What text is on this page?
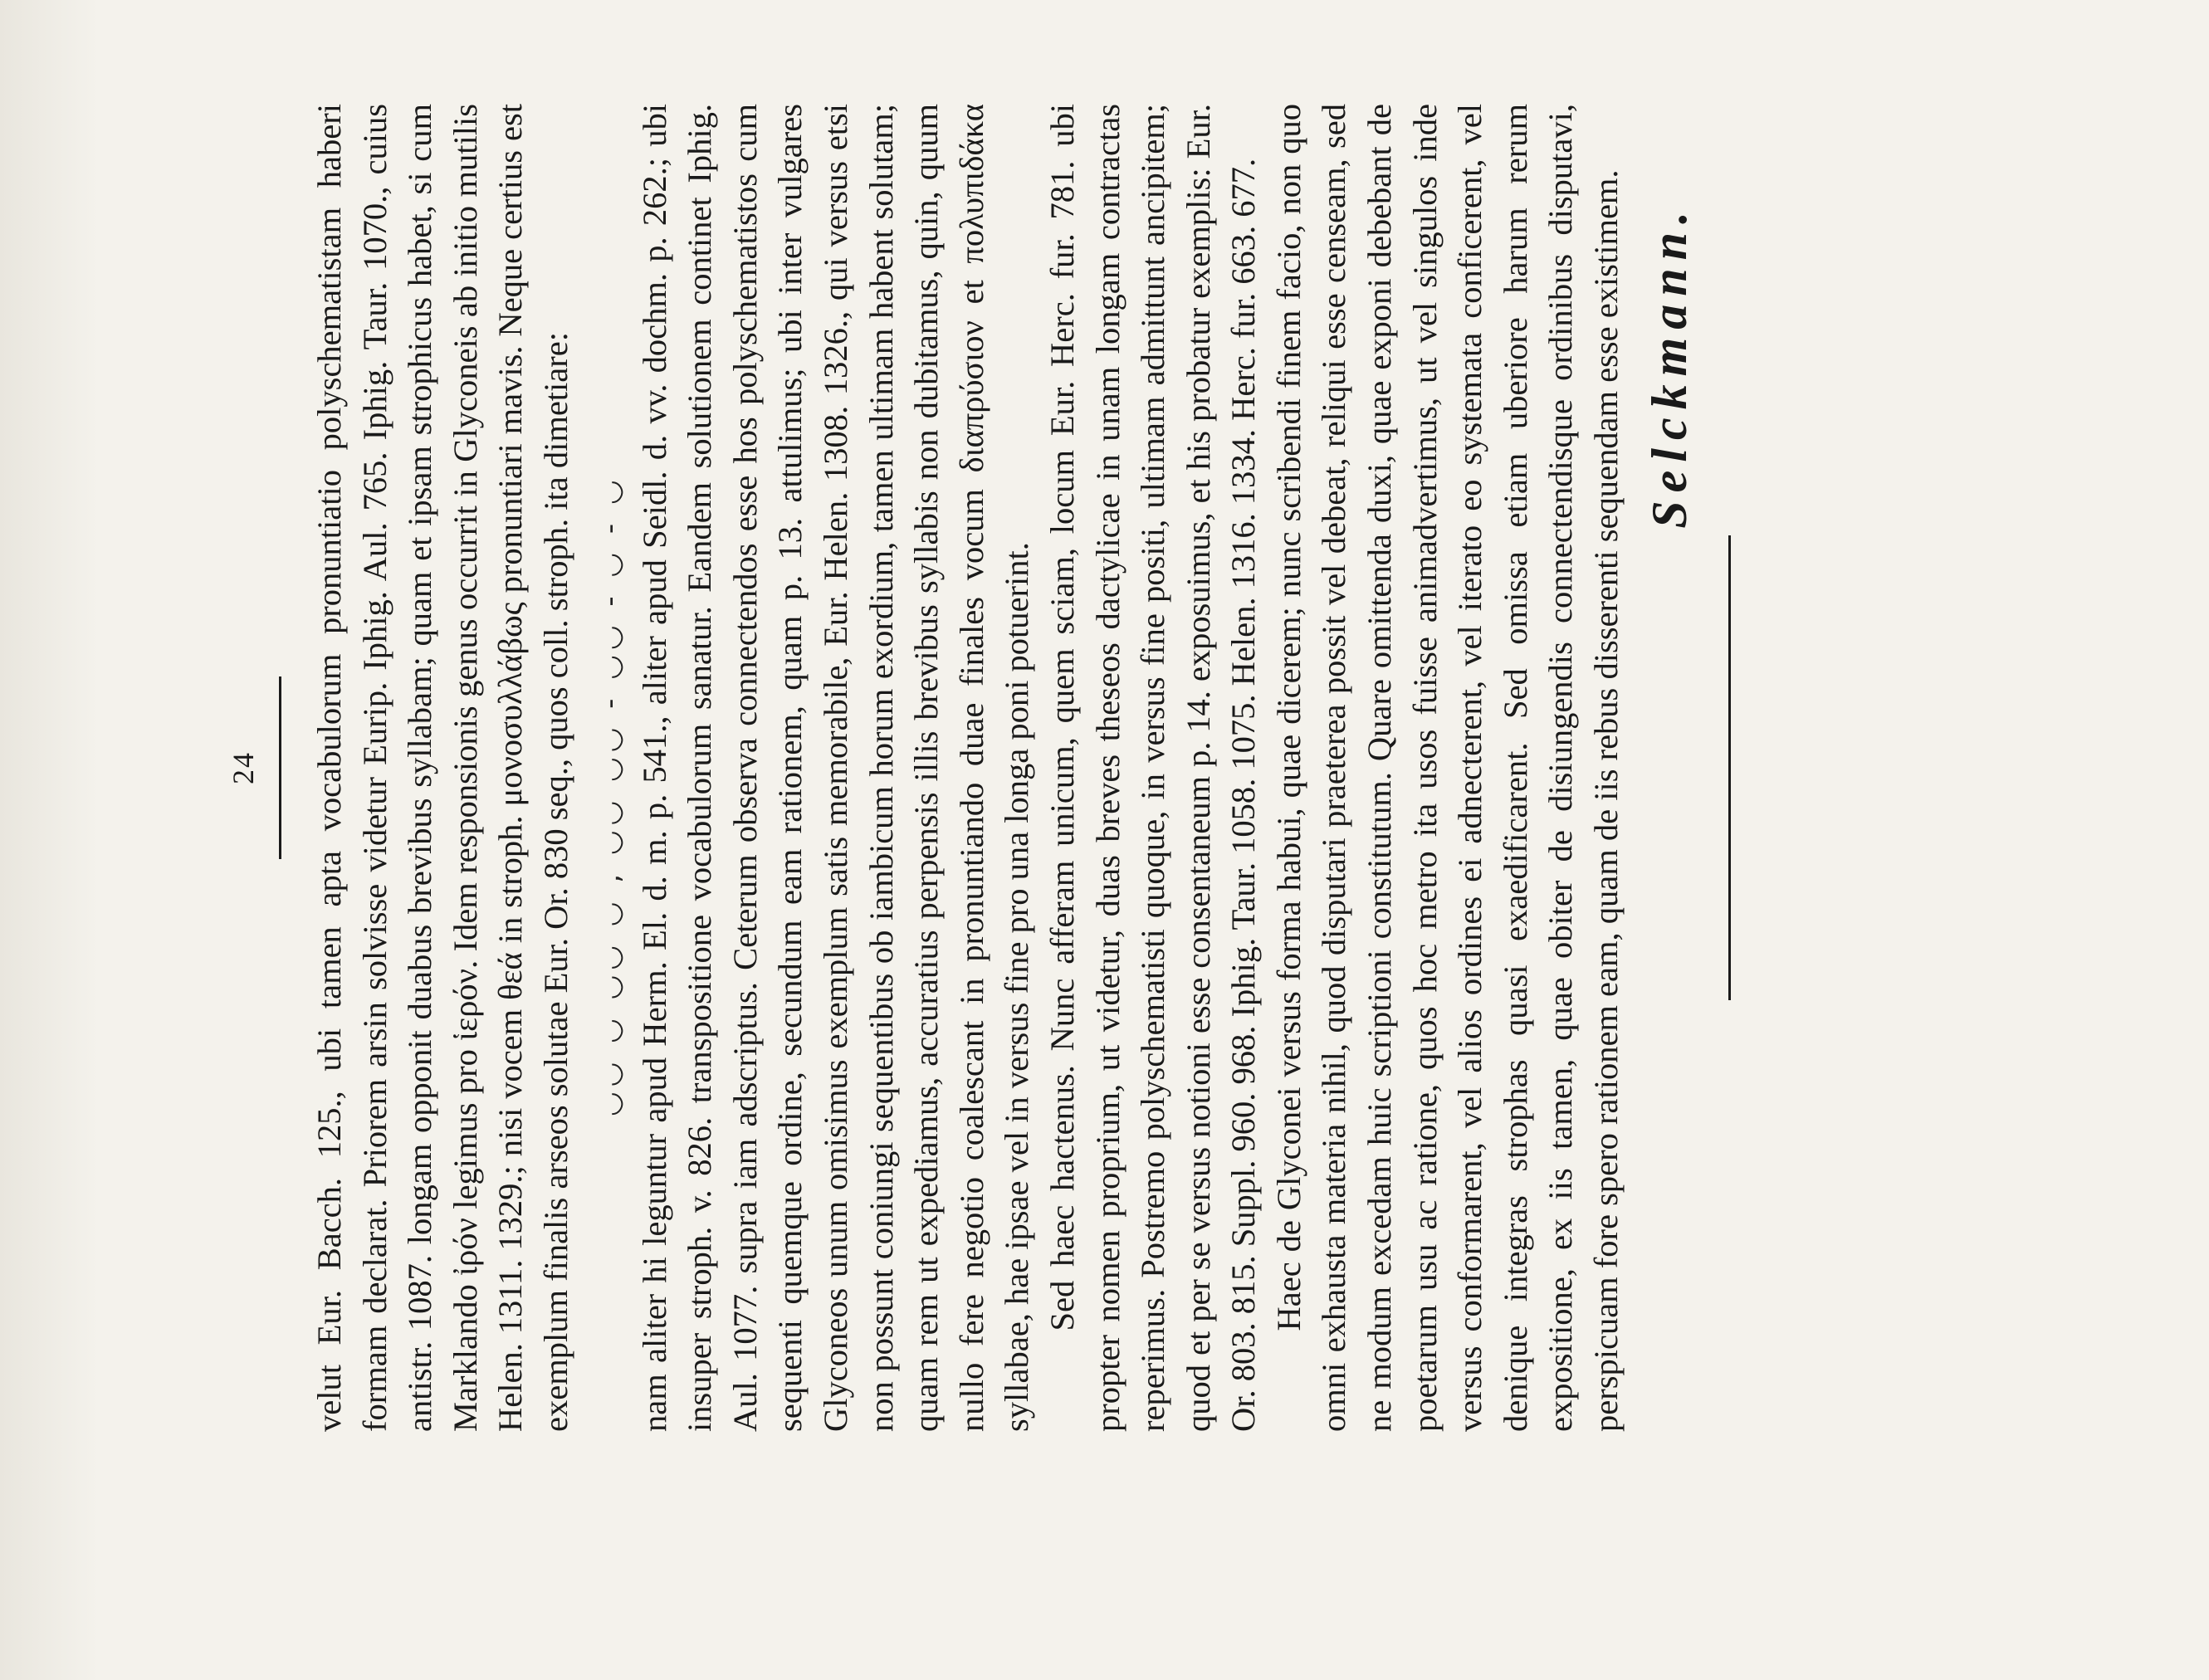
24 velut Eur. Bacch. 125., ubi tamen apta vocabulorum pronuntiatio polyschematistam haberi formam declarat. Priorem arsin solvisse videtur Eurip. Iphig. Aul. 765. Iphig. Taur. 1070., cuius antistr. 1087. longam opponit duabus brevibus syllabam; quam et ipsam strophicus habet, si cum Marklando ἰρόν legimus pro ἱερόν. Idem responsionis genus occurrit in Glyconeis ab initio mutilis Helen. 1311. 1329.; nisi vocem θεά in stroph. μονοσυλλάβως pronuntiari mavis. Neque certius est exemplum finalis arseos solutae Eur. Or. 830 seq., quos coll. stroph. ita dimetiare: ◡◡ ◡ ◡◡ ◡ , ◡◡ ◡◡ - ◡◡ - ◡ - ◡ nam aliter hi leguntur apud Herm. El. d. m. p. 541., aliter apud Seidl. d. vv. dochm. p. 262.; ubi insuper stroph. v. 826. transpositione vocabulorum sanatur. Eandem solutionem continet Iphig. Aul. 1077. supra iam adscriptus. Ceterum observa connectendos esse hos polyschematistos cum sequenti quemque ordine, secundum eam rationem, quam p. 13. attulimus; ubi inter vulgares Glyconeos unum omisimus exemplum satis memorabile, Eur. Helen. 1308. 1326., qui versus etsi non possunt coniungi sequentibus ob iambicum horum exordium, tamen ultimam habent solutam; quam rem ut expediamus, accuratius perpensis illis brevibus syllabis non dubitamus, quin, quum nullo fere negotio coalescant in pronuntiando duae finales vocum διαπρύσιον et πολυπιδάκα syllabae, hae ipsae vel in versus fine pro una longa poni potuerint. Sed haec hactenus. Nunc afferam unicum, quem sciam, locum Eur. Herc. fur. 781. ubi propter nomen proprium, ut videtur, duas breves theseos dactylicae in unam longam contractas reperimus. Postremo polyschematisti quoque, in versus fine positi, ultimam admittunt ancipitem; quod et per se versus notioni esse consentaneum p. 14. exposuimus, et his probatur exemplis: Eur. Or. 803. 815. Suppl. 960. 968. Iphig. Taur. 1058. 1075. Helen. 1316. 1334. Herc. fur. 663. 677. Haec de Glyconei versus forma habui, quae dicerem; nunc scribendi finem facio, non quo omni exhausta materia nihil, quod disputari praeterea possit vel debeat, reliqui esse censeam, sed ne modum excedam huic scriptioni constitutum. Quare omittenda duxi, quae exponi debebant de poetarum usu ac ratione, quos hoc metro ita usos fuisse animadvertimus, ut vel singulos inde versus conformarent, vel alios ordines ei adnecterent, vel iterato eo systemata conficerent, vel denique integras strophas quasi exaedificarent. Sed omissa etiam uberiore harum rerum expositione, ex iis tamen, quae obiter de disiungendis connectendisque ordinibus disputavi, perspicuam fore spero rationem eam, quam de iis rebus disserenti sequendam esse existimem. Selckmann.
